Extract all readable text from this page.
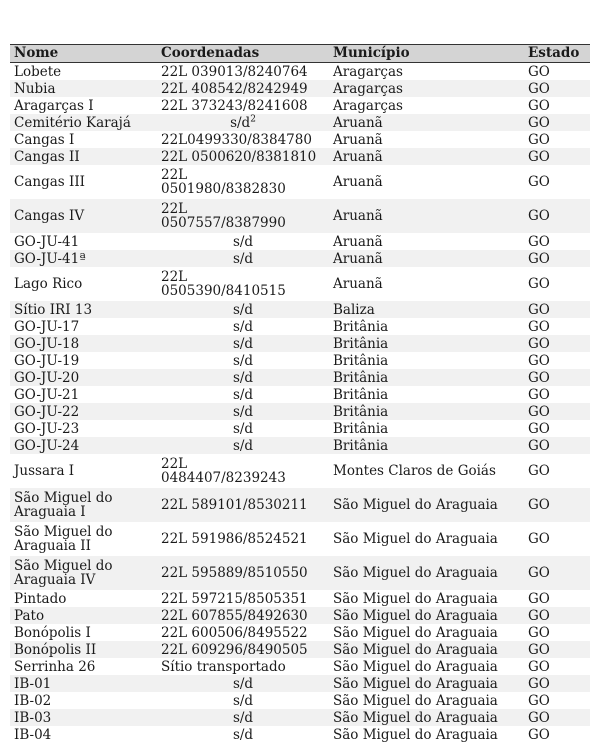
Nome	Coordenadas	Município	Estado
Lobete	22L 039013/8240764	Aragarças	GO
Nubia	22L 408542/8242949	Aragarças	GO
Aragarças I	22L 373243/8241608	Aragarças	GO
Cemitério Karajá	$s/d^2$	Aruanã	GO
Cangas I	22L0499330/8384780	Aruanã	GO
Cangas II	22L 0500620/8381810	Aruanã	GO
Cangas III	22L 0501980/8382830	Aruanã	GO
Cangas IV	22L 0507557/8387990	Aruanã	GO
GO-JU-41	s/d	Aruanã	GO
GO-JU-41ª	s/d	Aruanã	GO
Lago Rico	22L 0505390/8410515	Aruanã	GO
Sítio IRI 13	s/d	Baliza	GO
GO-JU-17	s/d	Britânia	GO
GO-JU-18	s/d	Britânia	GO
GO-JU-19	s/d	Britânia	GO
GO-JU-20	s/d	Britânia	GO
GO-JU-21	s/d	Britânia	GO
GO-JU-22	s/d	Britânia	GO
GO-JU-23	s/d	Britânia	GO
GO-JU-24	s/d	Britânia	GO
Jussara I	22L 0484407/8239243	Montes Claros de Goiás	GO
São Miguel do Araguaia I	22L 589101/8530211	São Miguel do Araguaia	GO
São Miguel do Araguaia II	22L 591986/8524521	São Miguel do Araguaia	GO
São Miguel do Araguaia IV	22L 595889/8510550	São Miguel do Araguaia	GO
Pintado	22L 597215/8505351	São Miguel do Araguaia	GO
Pato	22L 607855/8492630	São Miguel do Araguaia	GO
Bonópolis I	22L 600506/8495522	São Miguel do Araguaia	GO
Bonópolis II	22L 609296/8490505	São Miguel do Araguaia	GO
Serrinha 26	Sítio transportado	São Miguel do Araguaia	GO
IB-01	s/d	São Miguel do Araguaia	GO
IB-02	s/d	São Miguel do Araguaia	GO
IB-03	s/d	São Miguel do Araguaia	GO
IB-04	s/d	São Miguel do Araguaia	GO
